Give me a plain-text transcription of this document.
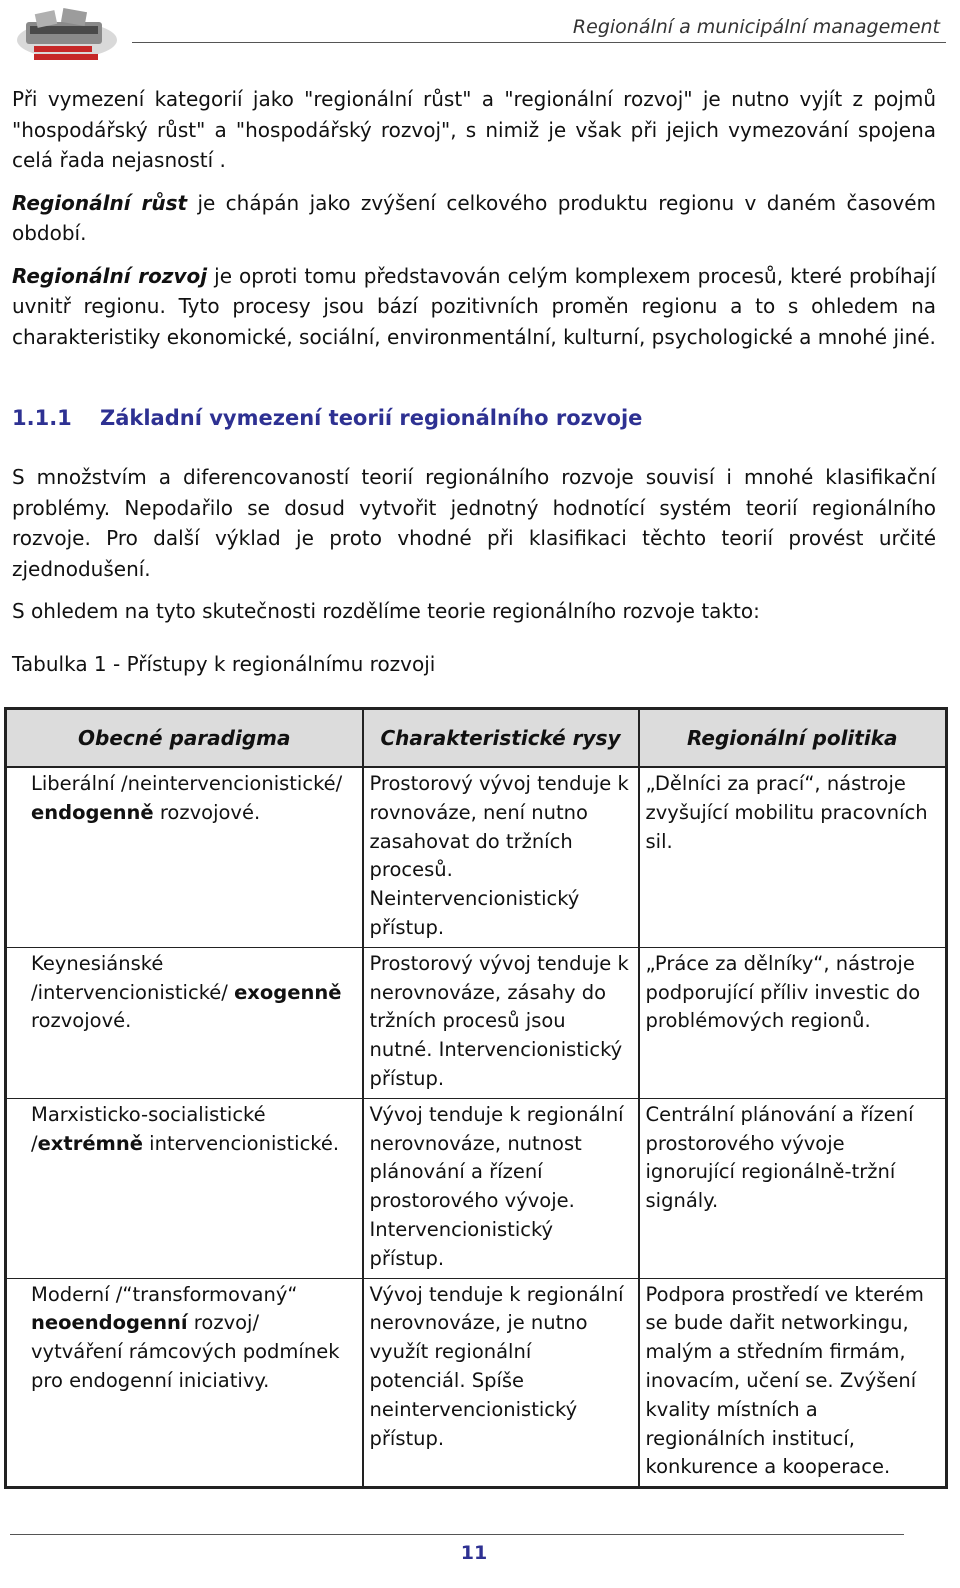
Regionální a municipální management

Při vymezení kategorií jako "regionální růst" a "regionální rozvoj" je nutno vyjít z pojmů "hospodářský růst" a "hospodářský rozvoj", s nimiž je však při jejich vymezování spojena celá řada nejasností .

Regionální růst je chápán jako zvýšení celkového produktu regionu v daném časovém období.

Regionální rozvoj je oproti tomu představován celým komplexem procesů, které probíhají uvnitř regionu. Tyto procesy jsou bází pozitivních proměn regionu a to s ohledem na charakteristiky ekonomické, sociální, environmentální, kulturní, psychologické a mnohé jiné.

1.1.1 Základní vymezení teorií regionálního rozvoje

S množstvím a diferencovaností teorií regionálního rozvoje souvisí i mnohé klasifikační problémy. Nepodařilo se dosud vytvořit jednotný hodnotící systém teorií regionálního rozvoje. Pro další výklad je proto vhodné při klasifikaci těchto teorií provést určité zjednodušení.

S ohledem na tyto skutečnosti rozdělíme teorie regionálního rozvoje takto:

Tabulka 1 - Přístupy k regionálnímu rozvoji
Obecné paradigma	Charakteristické rysy	Regionální politika
Liberální /neintervencionistické/ endogenně rozvojové.	Prostorový vývoj tenduje k rovnováze, není nutno zasahovat do tržních procesů. Neintervencionistický přístup.	„Dělníci za prací“, nástroje zvyšující mobilitu pracovních sil.
Keynesiánské /intervencionistické/ exogenně rozvojové.	Prostorový vývoj tenduje k nerovnováze, zásahy do tržních procesů jsou nutné. Intervencionistický přístup.	„Práce za dělníky“, nástroje podporující příliv investic do problémových regionů.
Marxisticko-socialistické /extrémně intervencionistické.	Vývoj tenduje k regionální nerovnováze, nutnost plánování a řízení prostorového vývoje. Intervencionistický přístup.	Centrální plánování a řízení prostorového vývoje ignorující regionálně-tržní signály.
Moderní /“transformovaný“ neoendogenní rozvoj/ vytváření rámcových podmínek pro endogenní iniciativy.	Vývoj tenduje k regionální nerovnováze, je nutno využít regionální potenciál. Spíše neintervencionistický přístup.	Podpora prostředí ve kterém se bude dařit networkingu, malým a středním firmám, inovacím, učení se. Zvýšení kvality místních a regionálních institucí, konkurence a kooperace.
11
